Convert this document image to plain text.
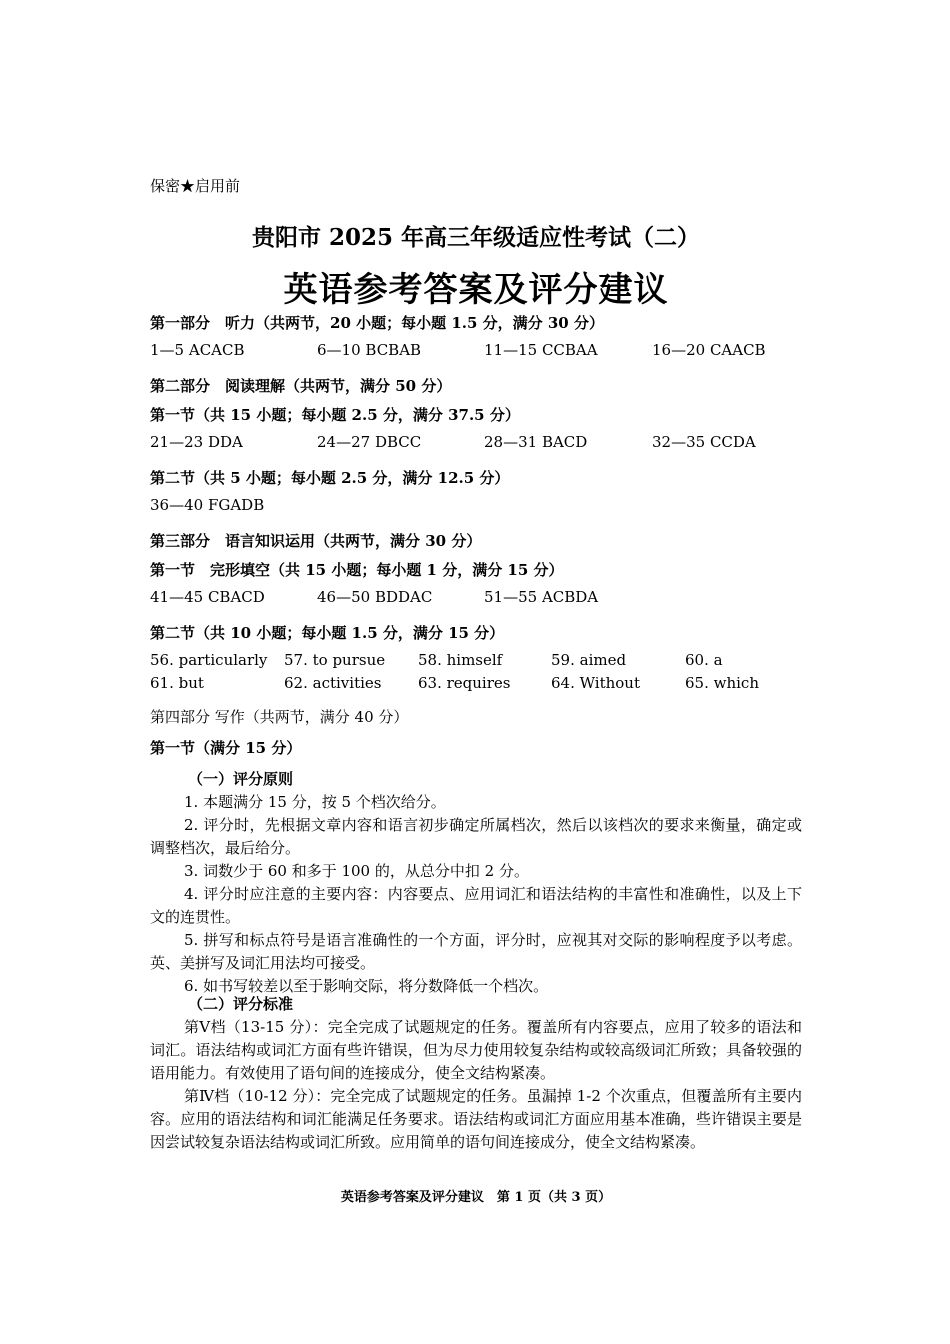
保密★启用前
贵阳市 2025 年高三年级适应性考试（二）
英语参考答案及评分建议
第一部分　听力（共两节，20 小题；每小题 1.5 分，满分 30 分）
1—5 ACACB	6—10 BCBAB	11—15 CCBAA	16—20 CAACB
第二部分　阅读理解（共两节，满分 50 分）
第一节（共 15 小题；每小题 2.5 分，满分 37.5 分）
21—23 DDA	24—27 DBCC	28—31 BACD	32—35 CCDA
第二节（共 5 小题；每小题 2.5 分，满分 12.5 分）
36—40 FGADB
第三部分　语言知识运用（共两节，满分 30 分）
第一节　完形填空（共 15 小题；每小题 1 分，满分 15 分）
41—45 CBACD	46—50 BDDAC	51—55 ACBDA
第二节（共 10 小题；每小题 1.5 分，满分 15 分）
56. particularly 57. to pursue 58. himself	59. aimed	60. a
61. but	62. activities 63. requires	64. Without	65. which
第四部分 写作（共两节，满分 40 分）
第一节（满分 15 分）
（一）评分原则
1. 本题满分 15 分，按 5 个档次给分。
2. 评分时，先根据文章内容和语言初步确定所属档次，然后以该档次的要求来衡量，确定或调整档次，最后给分。
3. 词数少于 60 和多于 100 的，从总分中扣 2 分。
4. 评分时应注意的主要内容：内容要点、应用词汇和语法结构的丰富性和准确性，以及上下文的连贯性。
5. 拼写和标点符号是语言准确性的一个方面，评分时，应视其对交际的影响程度予以考虑。英、美拼写及词汇用法均可接受。
6. 如书写较差以至于影响交际，将分数降低一个档次。
（二）评分标准
第Ⅴ档（13-15 分）：完全完成了试题规定的任务。覆盖所有内容要点，应用了较多的语法和词汇。语法结构或词汇方面有些许错误，但为尽力使用较复杂结构或较高级词汇所致；具备较强的语用能力。有效使用了语句间的连接成分，使全文结构紧凑。
第Ⅳ档（10-12 分）：完全完成了试题规定的任务。虽漏掉 1-2 个次重点，但覆盖所有主要内容。应用的语法结构和词汇能满足任务要求。语法结构或词汇方面应用基本准确，些许错误主要是因尝试较复杂语法结构或词汇所致。应用简单的语句间连接成分，使全文结构紧凑。
英语参考答案及评分建议　第 1 页（共 3 页）
